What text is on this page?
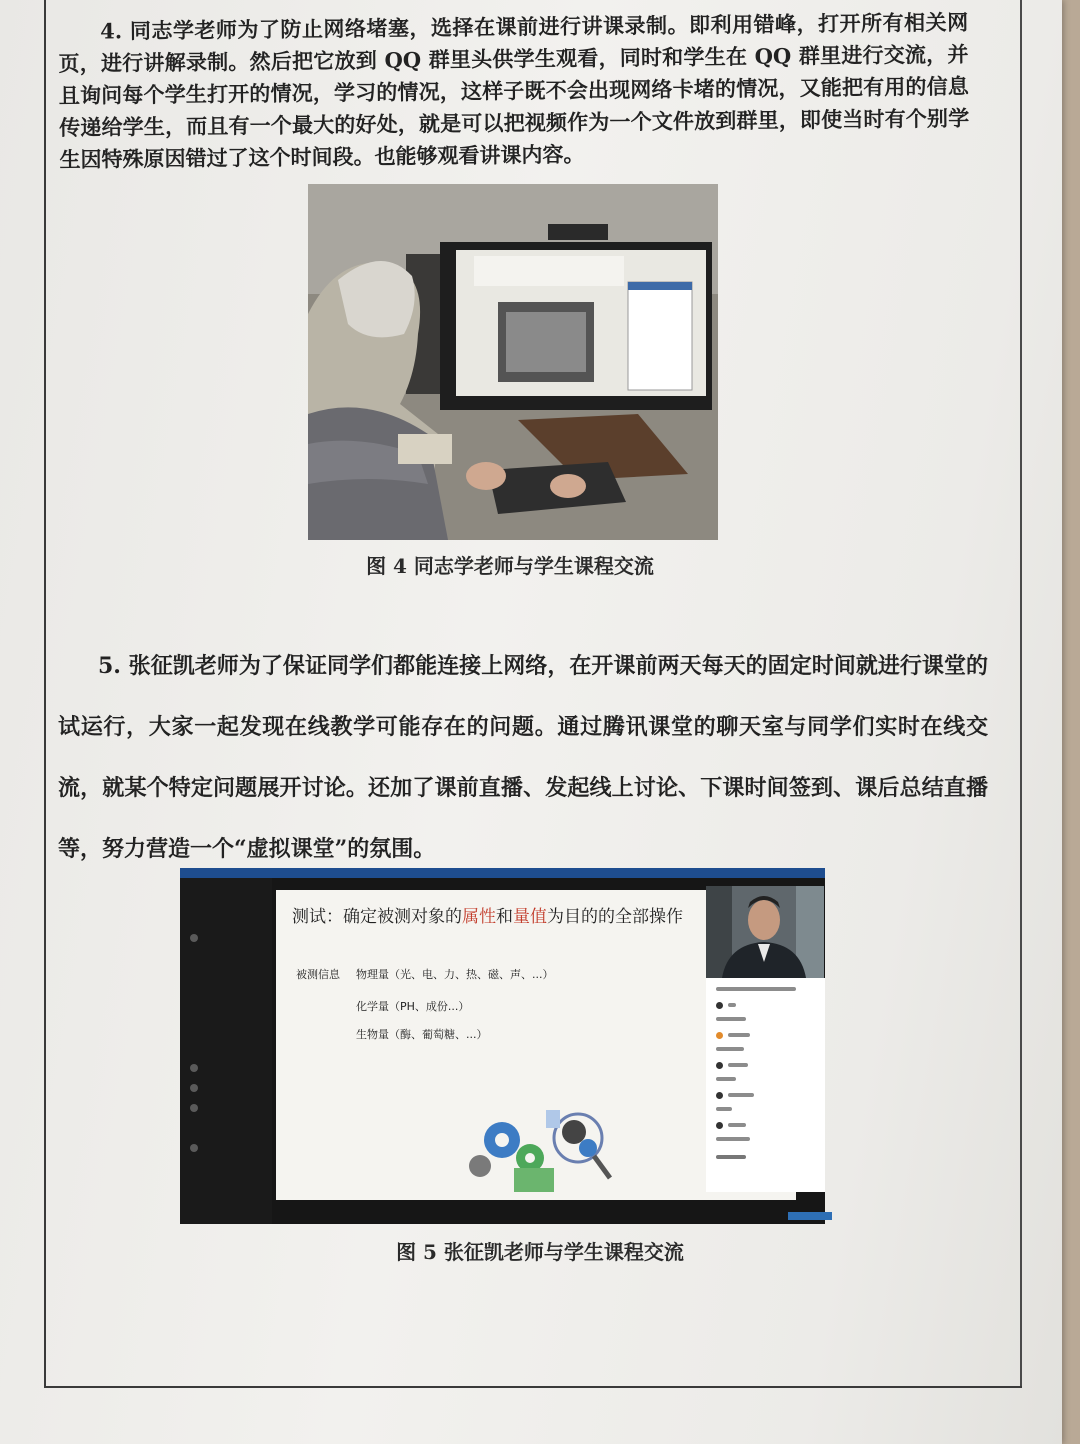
4. 同志学老师为了防止网络堵塞，选择在课前进行讲课录制。即利用错峰，打开所有相关网页，进行讲解录制。然后把它放到 QQ 群里头供学生观看，同时和学生在 QQ 群里进行交流，并且询问每个学生打开的情况，学习的情况，这样子既不会出现网络卡堵的情况，又能把有用的信息传递给学生，而且有一个最大的好处，就是可以把视频作为一个文件放到群里，即使当时有个别学生因特殊原因错过了这个时间段。也能够观看讲课内容。

图 4 同志学老师与学生课程交流

5. 张征凯老师为了保证同学们都能连接上网络，在开课前两天每天的固定时间就进行课堂的试运行，大家一起发现在线教学可能存在的问题。通过腾讯课堂的聊天室与同学们实时在线交流，就某个特定问题展开讨论。还加了课前直播、发起线上讨论、下课时间签到、课后总结直播等，努力营造一个“虚拟课堂”的氛围。

测试：确定被测对象的属性和量值为目的的全部操作
被测信息 物理量（光、电、力、热、磁、声、...）
化学量（PH、成份...）
生物量（酶、葡萄糖、...）
图 5 张征凯老师与学生课程交流
